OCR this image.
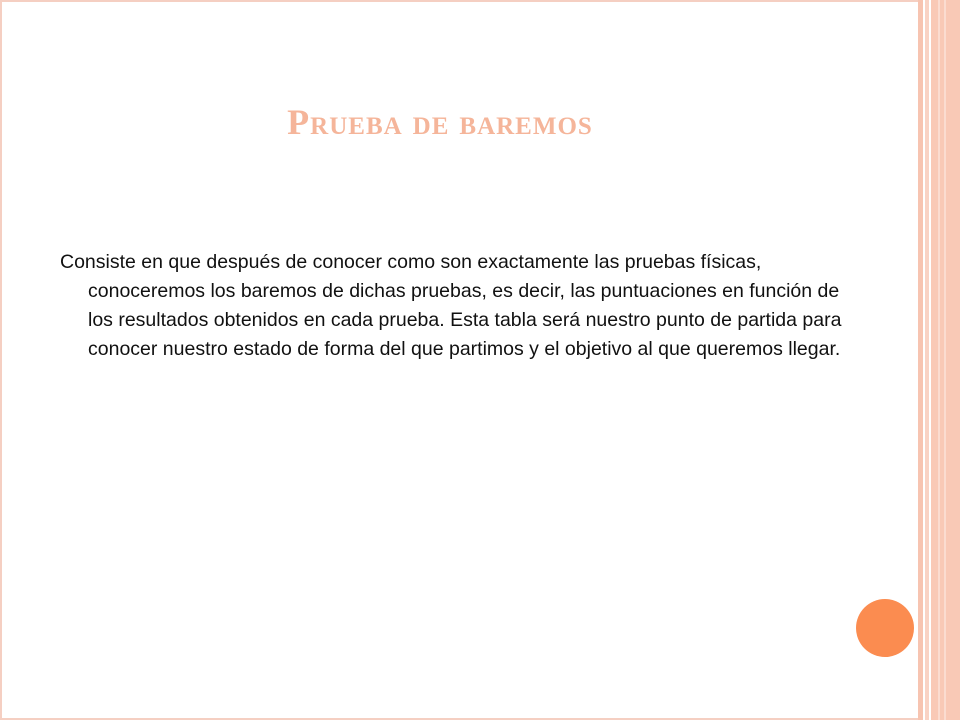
Prueba de baremos

Consiste en que después de conocer como son exactamente las pruebas físicas, conoceremos los baremos de dichas pruebas, es decir, las puntuaciones en función de los resultados obtenidos en cada prueba. Esta tabla será nuestro punto de partida para conocer nuestro estado de forma del que partimos y el objetivo al que queremos llegar.
